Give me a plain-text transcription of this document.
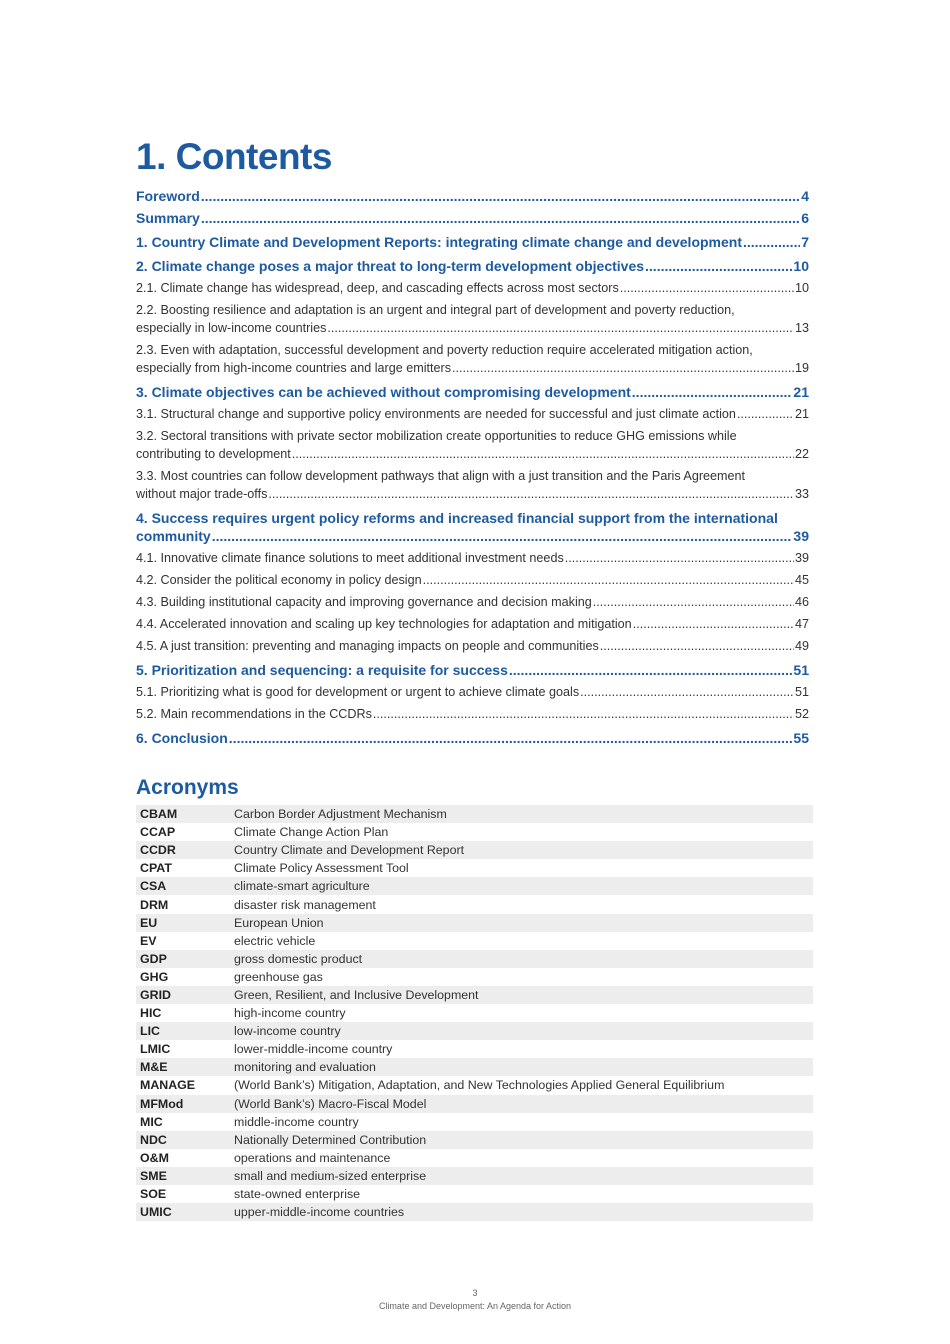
1. Contents
Foreword .....	4
Summary .....	6
1. Country Climate and Development Reports: integrating climate change and development .....	7
2. Climate change poses a major threat to long-term development objectives .....	10
2.1. Climate change has widespread, deep, and cascading effects across most sectors .....	10
2.2. Boosting resilience and adaptation is an urgent and integral part of development and poverty reduction,
especially in low-income countries .....	13
2.3. Even with adaptation, successful development and poverty reduction require accelerated mitigation action,
especially from high-income countries and large emitters .....	19
3. Climate objectives can be achieved without compromising development .....	21
3.1. Structural change and supportive policy environments are needed for successful and just climate action .....	21
3.2. Sectoral transitions with private sector mobilization create opportunities to reduce GHG emissions while
contributing to development .....	22
3.3. Most countries can follow development pathways that align with a just transition and the Paris Agreement
without major trade-offs .....	33
4. Success requires urgent policy reforms and increased financial support from the international
community .....	39
4.1. Innovative climate finance solutions to meet additional investment needs .....	39
4.2. Consider the political economy in policy design .....	45
4.3. Building institutional capacity and improving governance and decision making .....	46
4.4. Accelerated innovation and scaling up key technologies for adaptation and mitigation .....	47
4.5. A just transition: preventing and managing impacts on people and communities .....	49
5. Prioritization and sequencing: a requisite for success .....	51
5.1. Prioritizing what is good for development or urgent to achieve climate goals .....	51
5.2. Main recommendations in the CCDRs .....	52
6. Conclusion .....	55
Acronyms
CBAM	Carbon Border Adjustment Mechanism
CCAP	Climate Change Action Plan
CCDR	Country Climate and Development Report
CPAT	Climate Policy Assessment Tool
CSA	climate-smart agriculture
DRM	disaster risk management
EU	European Union
EV	electric vehicle
GDP	gross domestic product
GHG	greenhouse gas
GRID	Green, Resilient, and Inclusive Development
HIC	high-income country
LIC	low-income country
LMIC	lower-middle-income country
M&E	monitoring and evaluation
MANAGE	(World Bank’s) Mitigation, Adaptation, and New Technologies Applied General Equilibrium
MFMod	(World Bank’s) Macro-Fiscal Model
MIC	middle-income country
NDC	Nationally Determined Contribution
O&M	operations and maintenance
SME	small and medium-sized enterprise
SOE	state-owned enterprise
UMIC	upper-middle-income countries
3
Climate and Development: An Agenda for Action
